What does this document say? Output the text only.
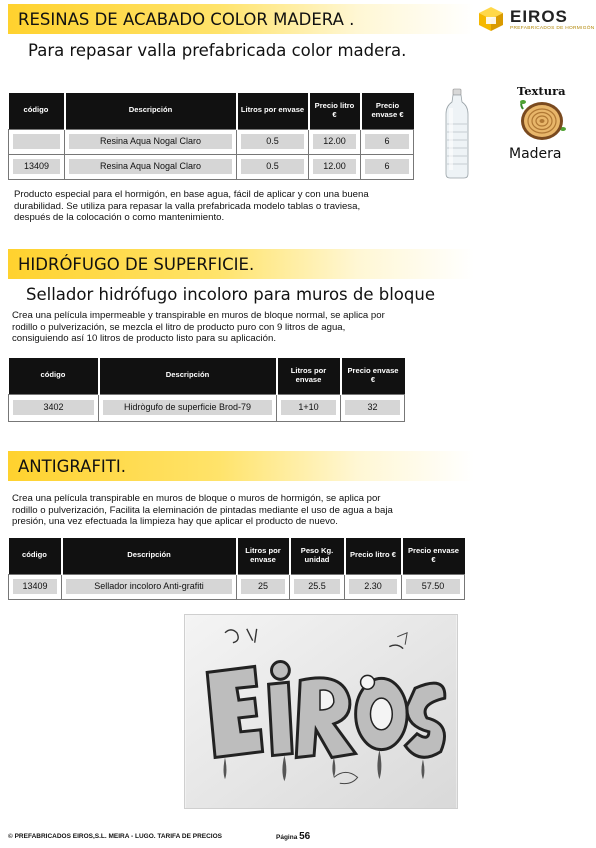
EIROS
PREFABRICADOS DE HORMIGÓN
RESINAS DE ACABADO COLOR MADERA .
Para repasar valla prefabricada color madera.
código	Descripción	Litros por envase	Precio litro €	Precio envase €

	Resina Aqua Nogal Claro	0.5	12.00	6

13409	Resina Aqua Nogal Claro	0.5	12.00	6
Textura
Madera
Producto especial para el hormigón, en base agua, fácil de aplicar y con una buena durabilidad. Se utiliza para repasar la valla prefabricada modelo tablas o traviesa, después de la colocación o como mantenimiento.
HIDRÓFUGO DE SUPERFICIE.
Sellador hidrófugo incoloro para muros de bloque
Crea una película impermeable y transpirable en muros de bloque normal, se aplica por rodillo o pulverización, se mezcla el litro de producto puro con 9 litros de agua, consiguiendo así 10 litros de producto listo para su aplicación.
código	Descripción	Litros por envase	Precio envase €

3402	Hidrògufo de superficie Brod-79	1+10	32
ANTIGRAFITI.
Crea una película transpirable en muros de bloque o muros de hormigón, se aplica por rodillo o pulverización, Facilita la eleminación de pintadas mediante el uso de agua a baja presión, una vez efectuada la limpieza hay que aplicar el producto de nuevo.
código	Descripción	Litros por envase	Peso Kg. unidad	Precio litro €	Precio envase €

13409	Sellador incoloro Anti-grafiti	25	25.5	2.30	57.50
© PREFABRICADOS EIROS,S.L. MEIRA - LUGO. TARIFA DE PRECIOS	Página 56
